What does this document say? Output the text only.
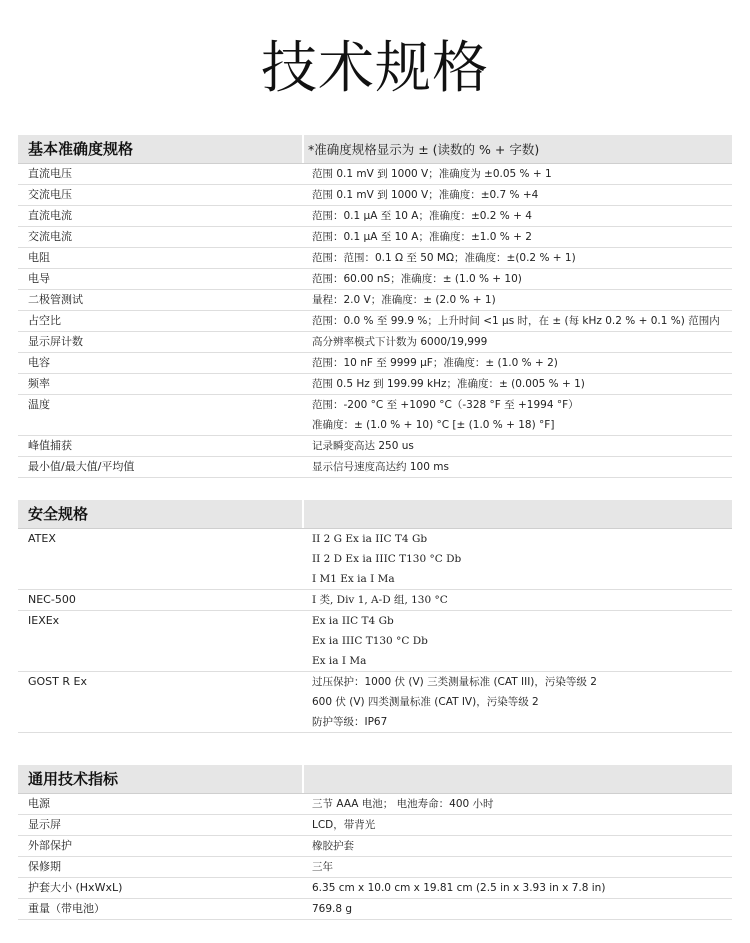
技术规格
基本准确度规格	*准确度规格显示为 ± (读数的 % + 字数)
直流电压	范围 0.1 mV 到 1000 V；准确度为 ±0.05 % + 1
交流电压	范围 0.1 mV 到 1000 V；准确度：±0.7 % +4
直流电流	范围：0.1 µA 至 10 A；准确度：±0.2 % + 4
交流电流	范围：0.1 µA 至 10 A；准确度：±1.0 % + 2
电阻	范围：范围：0.1 Ω 至 50 MΩ；准确度：±(0.2 % + 1)
电导	范围：60.00 nS；准确度：± (1.0 % + 10)
二极管测试	量程：2.0 V；准确度：± (2.0 % + 1)
占空比	范围：0.0 % 至 99.9 %；上升时间 <1 µs 时，在 ± (每 kHz 0.2 % + 0.1 %) 范围内
显示屏计数	高分辨率模式下计数为 6000/19,999
电容	范围：10 nF 至 9999 µF；准确度：± (1.0 % + 2)
频率	范围 0.5 Hz 到 199.99 kHz；准确度：± (0.005 % + 1)
温度	范围：-200 °C 至 +1090 °C（-328 °F 至 +1994 °F）
准确度：± (1.0 % + 10) °C [± (1.0 % + 18) °F]
峰值捕获	记录瞬变高达 250 us
最小值/最大值/平均值	显示信号速度高达约 100 ms
安全规格
ATEX	II 2 G Ex ia IIC T4 Gb
II 2 D Ex ia IIIC T130 °C Db
I M1 Ex ia I Ma
NEC-500	I 类, Div 1, A-D 组, 130 °C
IEXEx	Ex ia IIC T4 Gb
Ex ia IIIC T130 °C Db
Ex ia I Ma
GOST R Ex	过压保护：1000 伏 (V) 三类测量标准 (CAT III)，污染等级 2
600 伏 (V) 四类测量标准 (CAT IV)，污染等级 2
防护等级：IP67
通用技术指标
电源	三节 AAA 电池； 电池寿命：400 小时
显示屏	LCD，带背光
外部保护	橡胶护套
保修期	三年
护套大小 (HxWxL)	6.35 cm x 10.0 cm x 19.81 cm (2.5 in x 3.93 in x 7.8 in)
重量（带电池）	769.8 g
